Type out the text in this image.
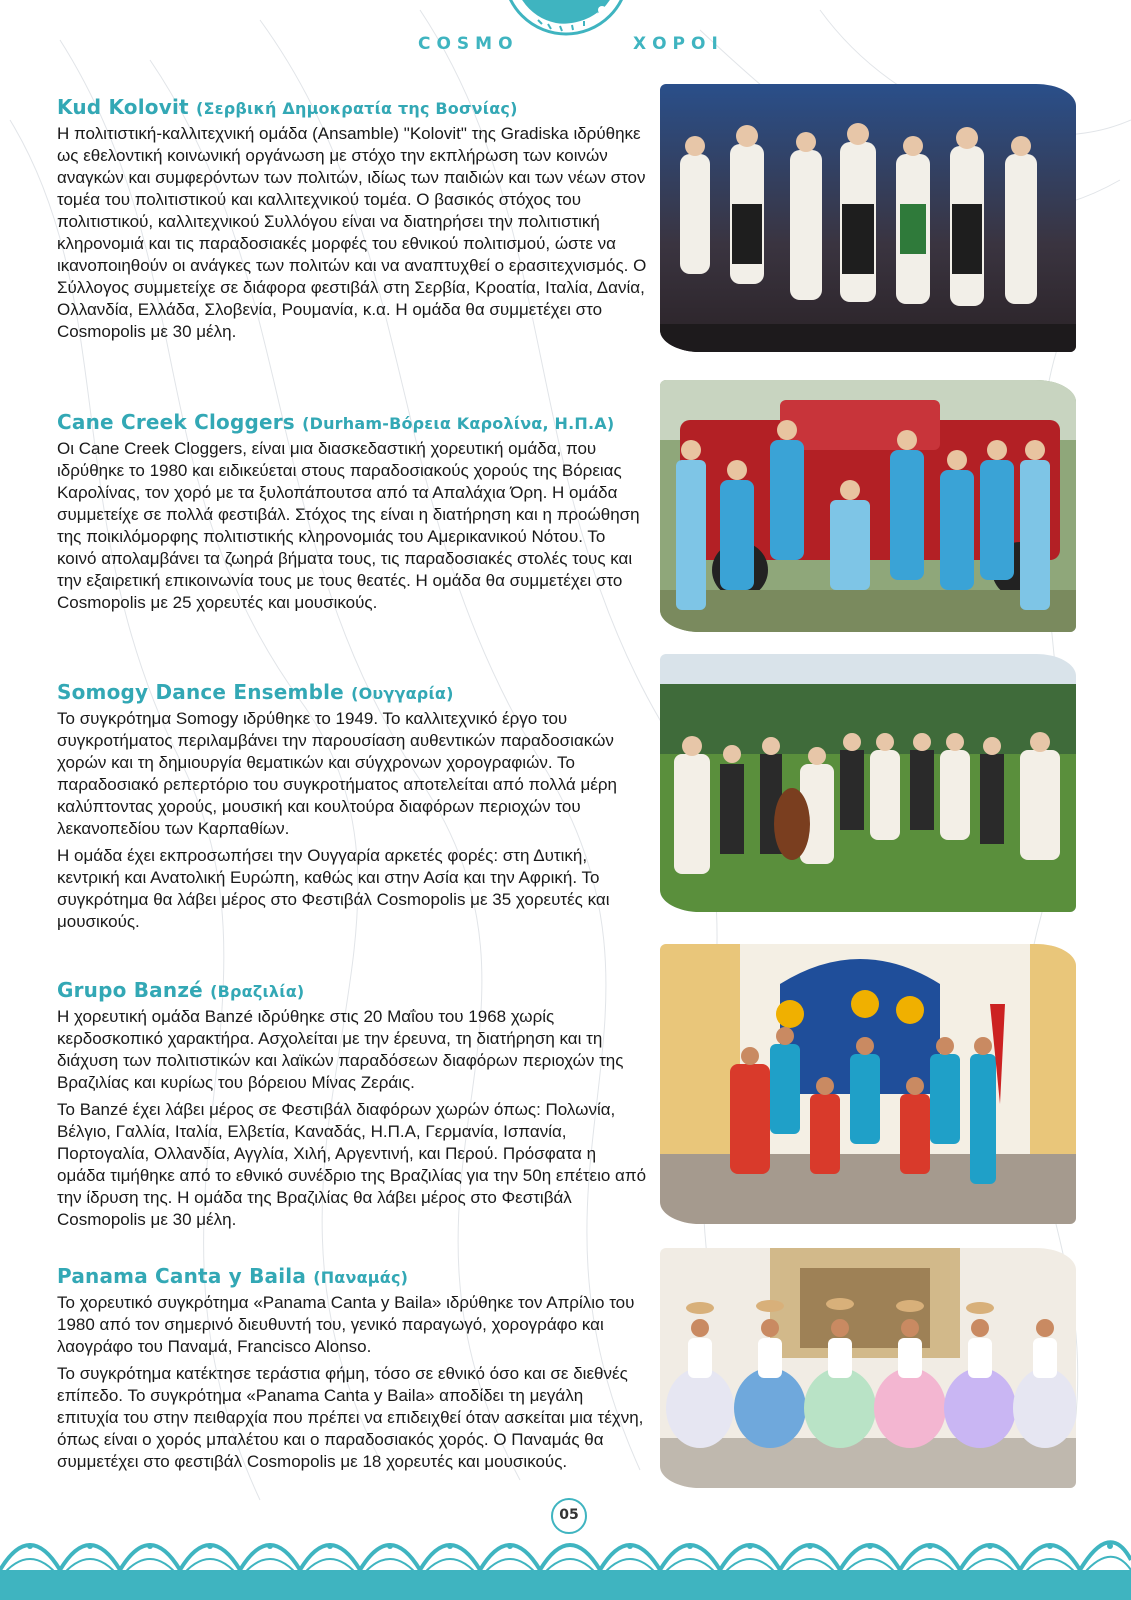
COSMO	ΧΟΡΟΙ
Kud Kolovit (Σερβική Δημοκρατία της Βοσνίας)

Η πολιτιστική-καλλιτεχνική ομάδα (Ansamble) "Kolovit" της Gradiska ιδρύθηκε ως εθελοντική κοινωνική οργάνωση με στόχο την εκπλήρωση των κοινών αναγκών και συμφερόντων των πολιτών, ιδίως των παιδιών και των νέων στον τομέα του πολιτιστικού και καλλιτεχνικού τομέα. Ο βασικός στόχος του πολιτιστικού, καλλιτεχνικού Συλλόγου είναι να διατηρήσει την πολιτιστική κληρονομιά και τις παραδοσιακές μορφές του εθνικού πολιτισμού, ώστε να ικανοποιηθούν οι ανάγκες των πολιτών και να αναπτυχθεί ο ερασιτεχνισμός. Ο Σύλλογος συμμετείχε σε διάφορα φεστιβάλ στη Σερβία, Κροατία, Ιταλία, Δανία, Ολλανδία, Ελλάδα, Σλοβενία, Ρουμανία, κ.α. Η ομάδα θα συμμετέχει στο Cosmopolis με 30 μέλη.

Cane Creek Cloggers (Durham-Βόρεια Καρολίνα, Η.Π.Α)

Οι Cane Creek Cloggers, είναι μια διασκεδαστική χορευτική ομάδα, που ιδρύθηκε το 1980 και ειδικεύεται στους παραδοσιακούς χορούς της Βόρειας Καρολίνας, τον χορό με τα ξυλοπάπουτσα από τα Απαλάχια Όρη. Η ομάδα συμμετείχε σε πολλά φεστιβάλ. Στόχος της είναι η διατήρηση και η προώθηση της ποικιλόμορφης πολιτιστικής κληρονομιάς του Αμερικανικού Νότου. Το κοινό απολαμβάνει τα ζωηρά βήματα τους, τις παραδοσιακές στολές τους και την εξαιρετική επικοινωνία τους με τους θεατές. Η ομάδα θα συμμετέχει στο Cosmopolis με 25 χορευτές και μουσικούς.

Somogy Dance Ensemble (Ουγγαρία)

Το συγκρότημα Somogy ιδρύθηκε το 1949. Το καλλιτεχνικό έργο του συγκροτήματος περιλαμβάνει την παρουσίαση αυθεντικών παραδοσιακών χορών και τη δημιουργία θεματικών και σύγχρονων χορογραφιών. Το παραδοσιακό ρεπερτόριο του συγκροτήματος αποτελείται από πολλά μέρη καλύπτοντας χορούς, μουσική και κουλτούρα διαφόρων περιοχών του λεκανοπεδίου των Καρπαθίων.

Η ομάδα έχει εκπροσωπήσει την Ουγγαρία αρκετές φορές: στη Δυτική, κεντρική και Ανατολική Ευρώπη, καθώς και στην Ασία και την Αφρική. Το συγκρότημα θα λάβει μέρος στο Φεστιβάλ Cosmopolis με 35 χορευτές και μουσικούς.

Grupo Banzé (Βραζιλία)

Η χορευτική ομάδα Banzé ιδρύθηκε στις 20 Μαΐου του 1968 χωρίς κερδοσκοπικό χαρακτήρα. Ασχολείται με την έρευνα, τη διατήρηση και τη διάχυση των πολιτιστικών και λαϊκών παραδόσεων διαφόρων περιοχών της Βραζιλίας και κυρίως του βόρειου Μίνας Ζεράις.

Το Banzé έχει λάβει μέρος σε Φεστιβάλ διαφόρων χωρών όπως: Πολωνία, Βέλγιο, Γαλλία, Ιταλία, Ελβετία, Καναδάς, Η.Π.Α, Γερμανία, Ισπανία, Πορτογαλία, Ολλανδία, Αγγλία, Χιλή, Αργεντινή, και Περού. Πρόσφατα η ομάδα τιμήθηκε από το εθνικό συνέδριο της Βραζιλίας για την 50η επέτειο από την ίδρυση της. Η ομάδα της Βραζιλίας θα λάβει μέρος στο Φεστιβάλ Cosmopolis με 30 μέλη.

Panama Canta y Baila (Παναμάς)

Το χορευτικό συγκρότημα «Panama Canta y Baila» ιδρύθηκε τον Απρίλιο του 1980 από τον σημερινό διευθυντή του, γενικό παραγωγό, χορογράφο και λαογράφο του Παναμά, Francisco Alonso.

Το συγκρότημα κατέκτησε τεράστια φήμη, τόσο σε εθνικό όσο και σε διεθνές επίπεδο. Το συγκρότημα «Panama Canta y Baila» αποδίδει τη μεγάλη επιτυχία του στην πειθαρχία που πρέπει να επιδειχθεί όταν ασκείται μια τέχνη, όπως είναι ο χορός μπαλέτου και ο παραδοσιακός χορός. Ο Παναμάς θα συμμετέχει στο φεστιβάλ Cosmopolis με 18 χορευτές και μουσικούς.

05
